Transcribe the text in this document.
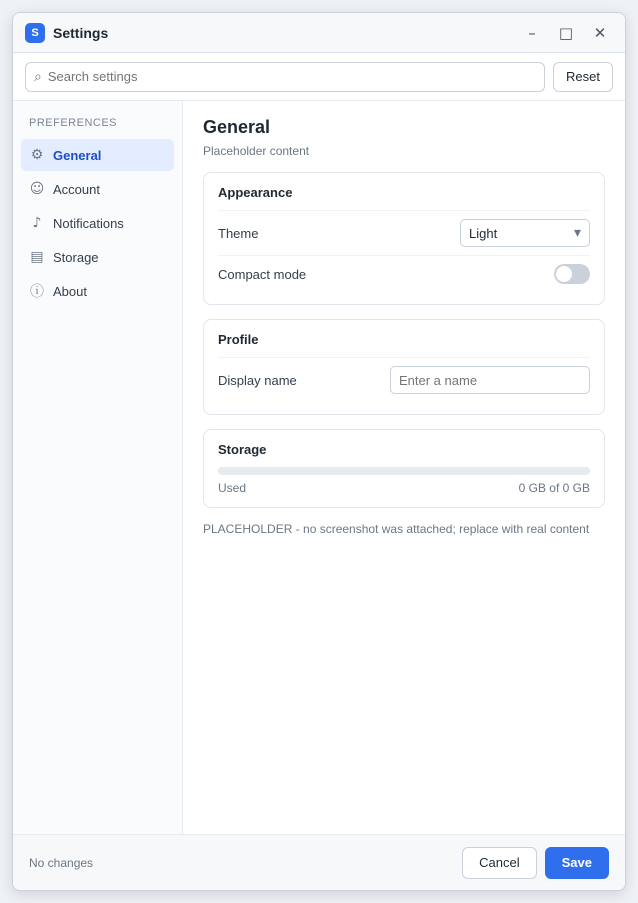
S	Settings	–	□	✕
⌕
Search settings	Reset
PREFERENCES
⚙ General
☺ Account
♪ Notifications
▤ Storage
ⓘ About
General
Placeholder content
Appearance
Theme	Light	▾
Compact mode
Profile
Display name
Enter a name
Storage
Used	0 GB of 0 GB
PLACEHOLDER - no screenshot was attached; replace with real content
No changes	Cancel	Save
